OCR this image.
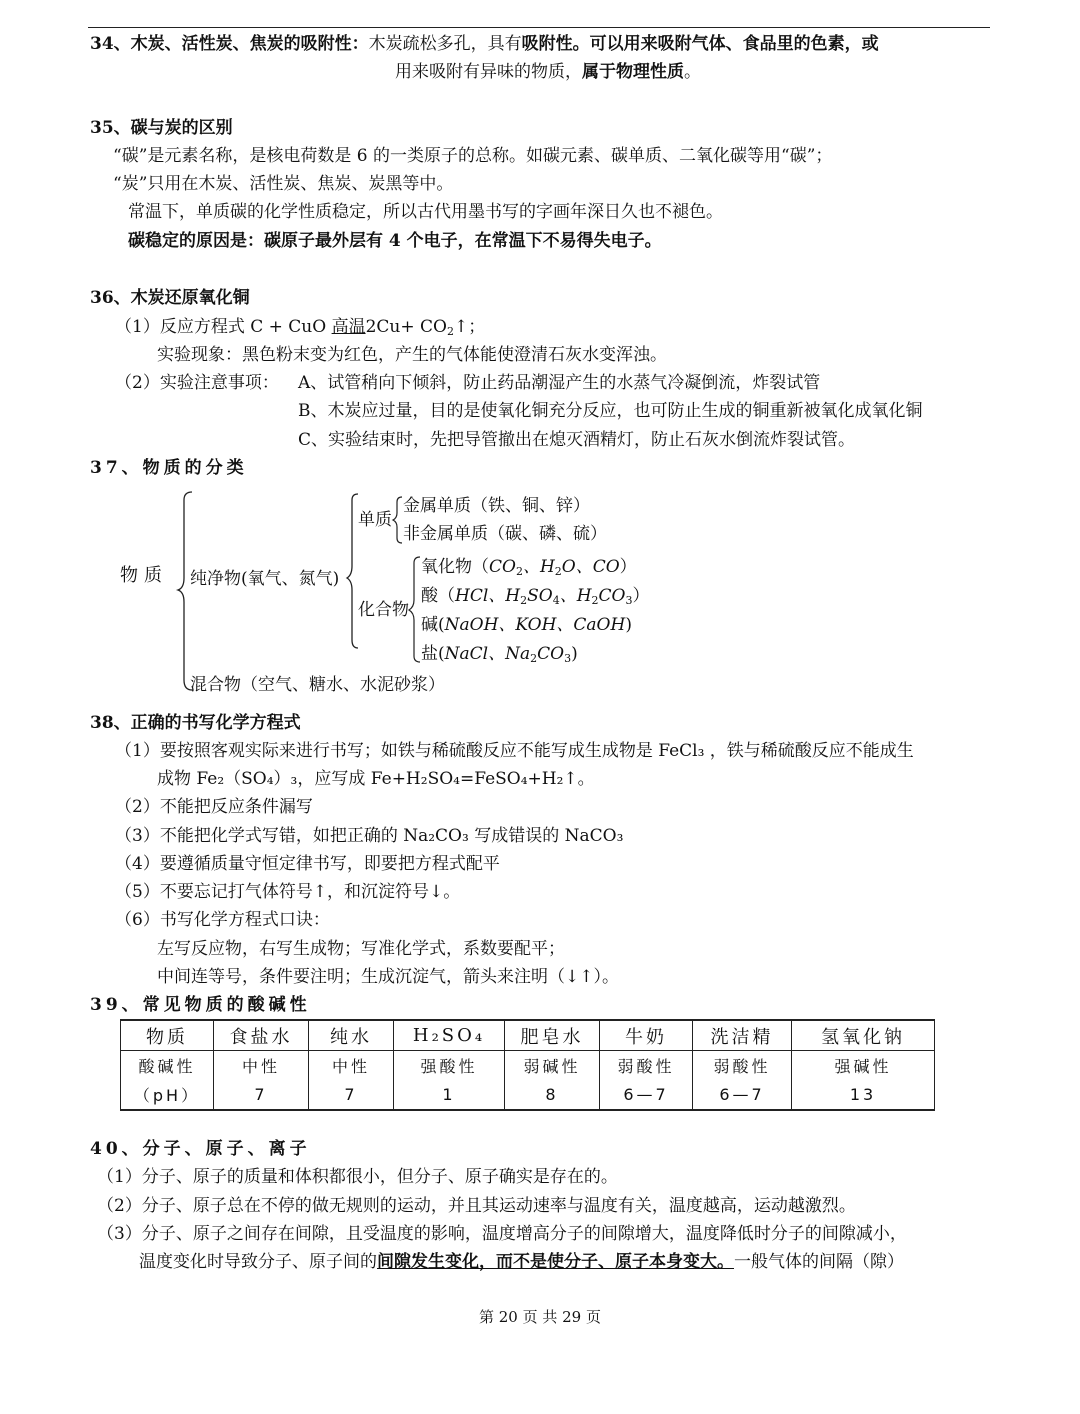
34、木炭、活性炭、焦炭的吸附性：木炭疏松多孔，具有吸附性。可以用来吸附气体、食品里的色素，或
用来吸附有异味的物质，属于物理性质。
35、碳与炭的区别
“碳”是元素名称，是核电荷数是 6 的一类原子的总称。如碳元素、碳单质、二氧化碳等用“碳”；
“炭”只用在木炭、活性炭、焦炭、炭黑等中。
常温下，单质碳的化学性质稳定，所以古代用墨书写的字画年深日久也不褪色。
碳稳定的原因是：碳原子最外层有 4 个电子，在常温下不易得失电子。
36、木炭还原氧化铜
（1）反应方程式 C + CuO 高温$2Cu+ CO_2↑$；
实验现象：黑色粉末变为红色，产生的气体能使澄清石灰水变浑浊。
（2）实验注意事项： A、试管稍向下倾斜，防止药品潮湿产生的水蒸气冷凝倒流，炸裂试管
B、木炭应过量，目的是使氧化铜充分反应，也可防止生成的铜重新被氧化成氧化铜
C、实验结束时，先把导管撤出在熄灭酒精灯，防止石灰水倒流炸裂试管。
37、物质的分类
物质 纯净物(氧气、氮气)
单质
金属单质（铁、铜、锌）
非金属单质（碳、磷、硫）
化合物
氧化物（$CO_2$、$H_2O$、CO）
酸（HCl、$H_2SO_4$、$H_2CO_3$）
碱(NaOH、KOH、CaOH)
盐(NaCl、$Na_2CO_3$)
混合物（空气、糖水、水泥砂浆）
38、正确的书写化学方程式
（1）要按照客观实际来进行书写；如铁与稀硫酸反应不能写成生成物是 FeCl₃ ，铁与稀硫酸反应不能成生
成物 Fe₂（SO₄）₃，应写成 Fe+H₂SO₄=FeSO₄+H₂↑。
（2）不能把反应条件漏写
（3）不能把化学式写错，如把正确的 Na₂CO₃ 写成错误的 NaCO₃
（4）要遵循质量守恒定律书写，即要把方程式配平
（5）不要忘记打气体符号↑，和沉淀符号↓。
（6）书写化学方程式口诀：
左写反应物，右写生成物；写准化学式，系数要配平；
中间连等号，条件要注明；生成沉淀气，箭头来注明（↓↑）。
39、常见物质的酸碱性
物质	食盐水	纯水	H₂SO₄	肥皂水	牛奶	洗洁精	氢氧化钠
酸碱性	中性	中性	强酸性	弱碱性	弱酸性	弱酸性	强碱性
（pH）	7	7	1	8	6—7	6—7	13
40、分子、原子、离子
（1）分子、原子的质量和体积都很小，但分子、原子确实是存在的。
（2）分子、原子总在不停的做无规则的运动，并且其运动速率与温度有关，温度越高，运动越激烈。
（3）分子、原子之间存在间隙，且受温度的影响，温度增高分子的间隙增大，温度降低时分子的间隙减小，
温度变化时导致分子、原子间的间隙发生变化，而不是使分子、原子本身变大。一般气体的间隔（隙）
第 20 页 共 29 页
